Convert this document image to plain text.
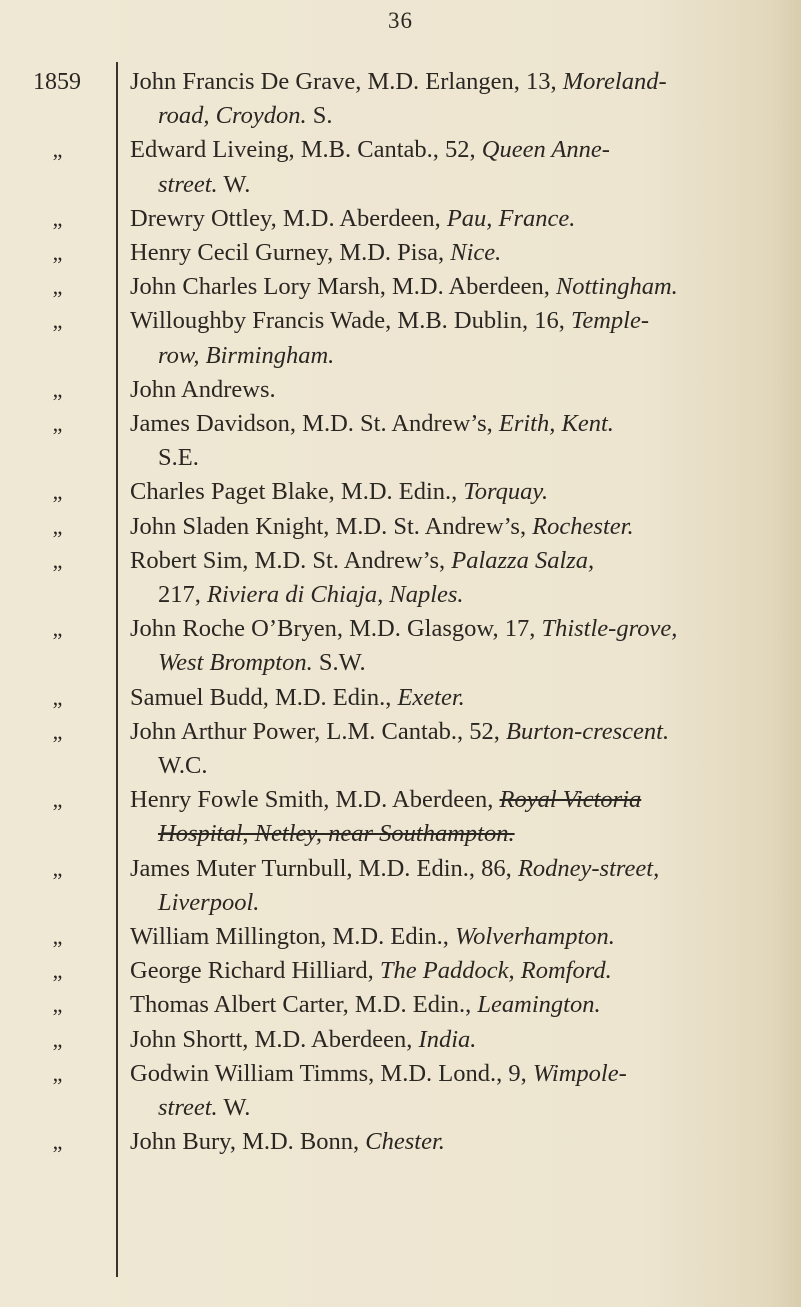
36
1859	John Francis De Grave, M.D. Erlangen, 13, Moreland-
road, Croydon. S.
„	Edward Liveing, M.B. Cantab., 52, Queen Anne-
street. W.
„	Drewry Ottley, M.D. Aberdeen, Pau, France.
„	Henry Cecil Gurney, M.D. Pisa, Nice.
„	John Charles Lory Marsh, M.D. Aberdeen, Nottingham.
„	Willoughby Francis Wade, M.B. Dublin, 16, Temple-
row, Birmingham.
„	John Andrews.
„	James Davidson, M.D. St. Andrew’s, Erith, Kent.
S.E.
„	Charles Paget Blake, M.D. Edin., Torquay.
„	John Sladen Knight, M.D. St. Andrew’s, Rochester.
„	Robert Sim, M.D. St. Andrew’s, Palazza Salza,
217, Riviera di Chiaja, Naples.
„	John Roche O’Bryen, M.D. Glasgow, 17, Thistle-grove,
West Brompton. S.W.
„	Samuel Budd, M.D. Edin., Exeter.
„	John Arthur Power, L.M. Cantab., 52, Burton-crescent.
W.C.
„	Henry Fowle Smith, M.D. Aberdeen, Royal Victoria
Hospital, Netley, near Southampton.
„	James Muter Turnbull, M.D. Edin., 86, Rodney-street,
Liverpool.
„	William Millington, M.D. Edin., Wolverhampton.
„	George Richard Hilliard, The Paddock, Romford.
„	Thomas Albert Carter, M.D. Edin., Leamington.
„	John Shortt, M.D. Aberdeen, India.
„	Godwin William Timms, M.D. Lond., 9, Wimpole-
street. W.
„	John Bury, M.D. Bonn, Chester.
